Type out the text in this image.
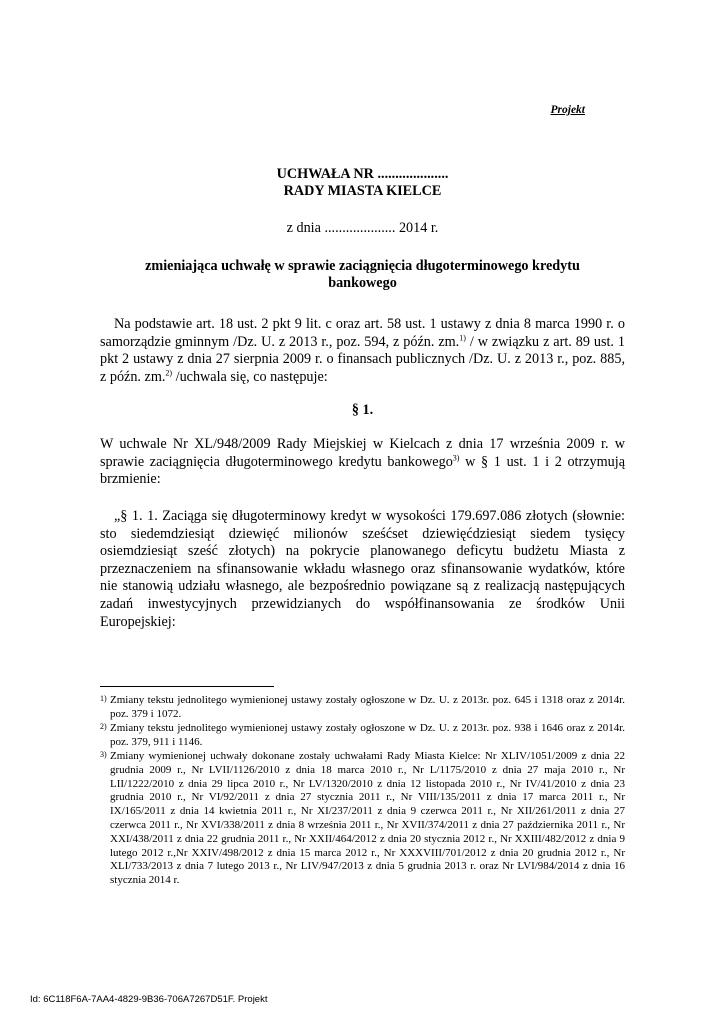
Projekt
UCHWAŁA NR ....................
RADY MIASTA KIELCE
z dnia .................... 2014 r.
zmieniająca uchwałę w sprawie zaciągnięcia długoterminowego kredytu bankowego
Na podstawie art. 18 ust. 2 pkt 9 lit. c oraz art. 58 ust. 1 ustawy z dnia 8 marca 1990 r. o samorządzie gminnym /Dz. U. z 2013 r., poz. 594, z późn. zm.$^{1)}$ / w związku z art. 89 ust. 1 pkt 2 ustawy z dnia 27 sierpnia 2009 r. o finansach publicznych /Dz. U. z 2013 r., poz. 885, z późn. zm.$^{2)}$ /uchwala się, co następuje:
§ 1.
W uchwale Nr XL/948/2009 Rady Miejskiej w Kielcach z dnia 17 września 2009 r. w sprawie zaciągnięcia długoterminowego kredytu bankowego$^{3)}$ w § 1 ust. 1 i 2 otrzymują brzmienie:
„§ 1. 1. Zaciąga się długoterminowy kredyt w wysokości 179.697.086 złotych (słownie: sto siedemdziesiąt dziewięć milionów sześćset dziewięćdziesiąt siedem tysięcy osiemdziesiąt sześć złotych) na pokrycie planowanego deficytu budżetu Miasta z przeznaczeniem na sfinansowanie wkładu własnego oraz sfinansowanie wydatków, które nie stanowią udziału własnego, ale bezpośrednio powiązane są z realizacją następujących zadań inwestycyjnych przewidzianych do współfinansowania ze środków Unii Europejskiej:
1) Zmiany tekstu jednolitego wymienionej ustawy zostały ogłoszone w Dz. U. z 2013r. poz. 645 i 1318 oraz z 2014r. poz. 379 i 1072.
2) Zmiany tekstu jednolitego wymienionej ustawy zostały ogłoszone w Dz. U. z 2013r. poz. 938 i 1646 oraz z 2014r. poz. 379, 911 i 1146.
3) Zmiany wymienionej uchwały dokonane zostały uchwałami Rady Miasta Kielce: Nr XLIV/1051/2009 z dnia 22 grudnia 2009 r., Nr LVII/1126/2010 z dnia 18 marca 2010 r., Nr L/1175/2010 z dnia 27 maja 2010 r., Nr LII/1222/2010 z dnia 29 lipca 2010 r., Nr LV/1320/2010 z dnia 12 listopada 2010 r., Nr IV/41/2010 z dnia 23 grudnia 2010 r., Nr VI/92/2011 z dnia 27 stycznia 2011 r., Nr VIII/135/2011 z dnia 17 marca 2011 r., Nr IX/165/2011 z dnia 14 kwietnia 2011 r., Nr XI/237/2011 z dnia 9 czerwca 2011 r., Nr XII/261/2011 z dnia 27 czerwca 2011 r., Nr XVI/338/2011 z dnia 8 września 2011 r., Nr XVII/374/2011 z dnia 27 października 2011 r., Nr XXI/438/2011 z dnia 22 grudnia 2011 r., Nr XXII/464/2012 z dnia 20 stycznia 2012 r., Nr XXIII/482/2012 z dnia 9 lutego 2012 r.,Nr XXIV/498/2012 z dnia 15 marca 2012 r., Nr XXXVIII/701/2012 z dnia 20 grudnia 2012 r., Nr XLI/733/2013 z dnia 7 lutego 2013 r., Nr LIV/947/2013 z dnia 5 grudnia 2013 r. oraz Nr LVI/984/2014 z dnia 16 stycznia 2014 r.
Id: 6C118F6A-7AA4-4829-9B36-706A7267D51F. Projekt
